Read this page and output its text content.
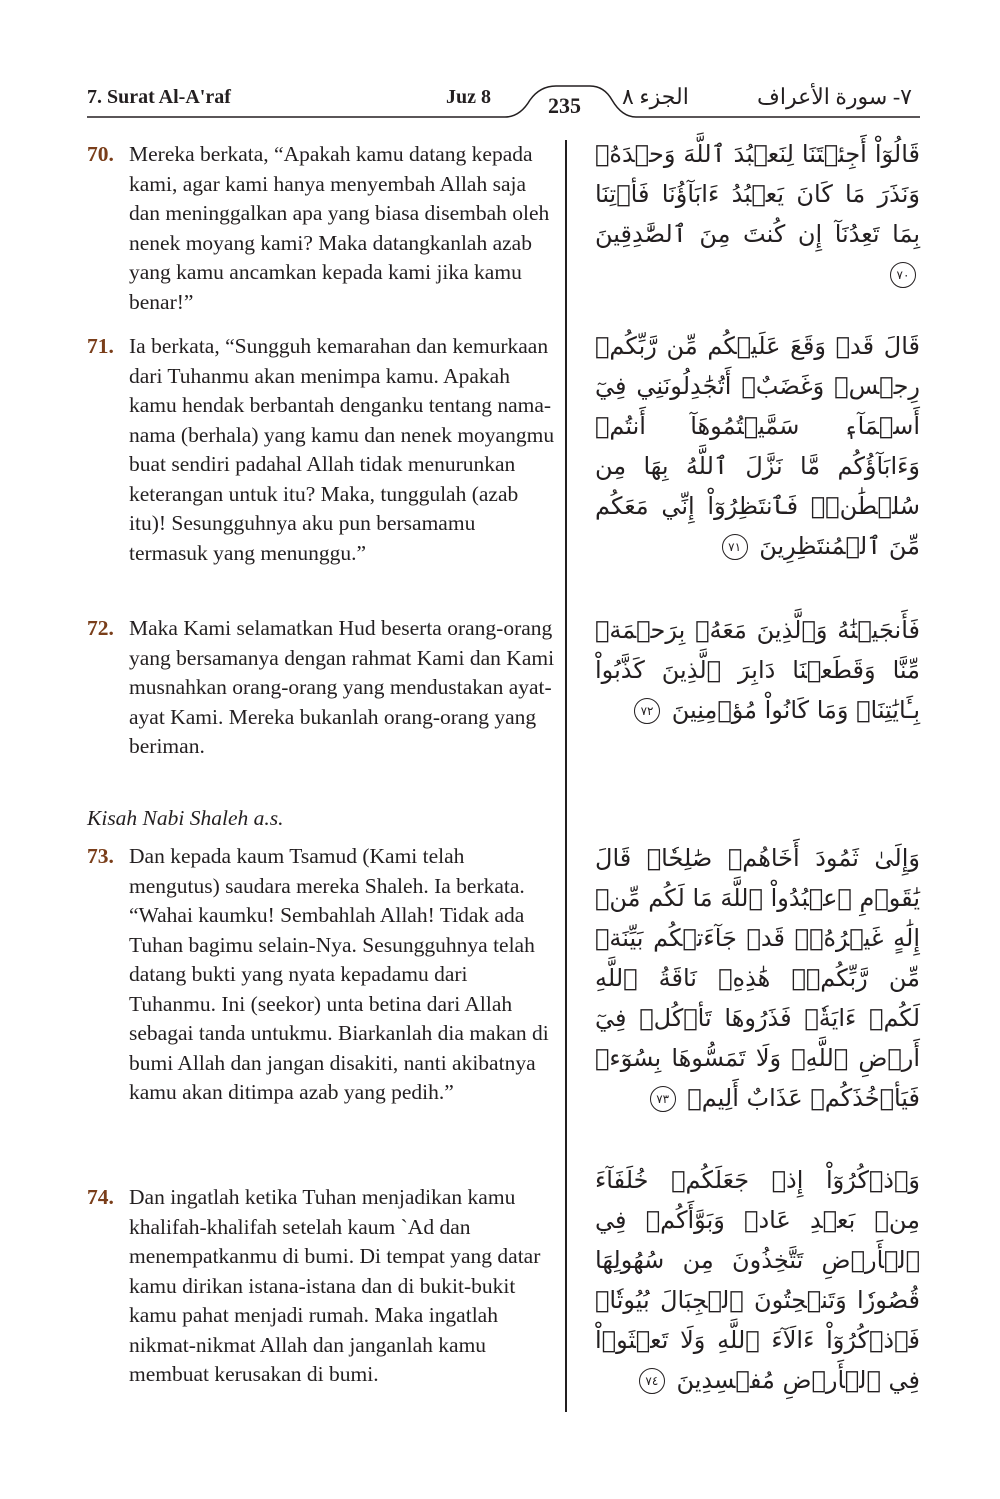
7. Surat Al-A'raf	Juz 8	235 الجزء ٨	٧- سورة الأعراف
70. Mereka berkata, “Apakah kamu datang kepada kami, agar kami hanya menyembah Allah saja dan meninggalkan apa yang biasa disembah oleh nenek moyang kami? Maka datangkanlah azab yang kamu ancamkan kepada kami jika kamu benar!”
قَالُوٓاْ أَجِئۡتَنَا لِنَعۡبُدَ ٱللَّهَ وَحۡدَهُۥ وَنَذَرَ مَا كَانَ يَعۡبُدُ ءَابَآؤُنَا فَأۡتِنَا بِمَا تَعِدُنَآ إِن كُنتَ مِنَ ٱلصَّٰدِقِينَ ٧٠
71. Ia berkata, “Sungguh kemarahan dan kemurkaan dari Tuhanmu akan menimpa kamu. Apakah kamu hendak berbantah denganku tentang nama-nama (berhala) yang kamu dan nenek moyangmu buat sendiri padahal Allah tidak menurunkan keterangan untuk itu? Maka, tunggulah (azab itu)! Sesungguhnya aku pun bersamamu termasuk yang menunggu.”
قَالَ قَدۡ وَقَعَ عَلَيۡكُم مِّن رَّبِّكُمۡ رِجۡسٞ وَغَضَبٌۖ أَتُجَٰدِلُونَنِي فِيٓ أَسۡمَآءٖ سَمَّيۡتُمُوهَآ أَنتُمۡ وَءَابَآؤُكُم مَّا نَزَّلَ ٱللَّهُ بِهَا مِن سُلۡطَٰنٖۚ فَٱنتَظِرُوٓاْ إِنِّي مَعَكُم مِّنَ ٱلۡمُنتَظِرِينَ ٧١
72. Maka Kami selamatkan Hud beserta orang-orang yang bersamanya dengan rahmat Kami dan Kami musnahkan orang-orang yang mendustakan ayat-ayat Kami. Mereka bukanlah orang-orang yang beriman.
فَأَنجَيۡنَٰهُ وَٱلَّذِينَ مَعَهُۥ بِرَحۡمَةٖ مِّنَّا وَقَطَعۡنَا دَابِرَ ٱلَّذِينَ كَذَّبُواْ بِـَٔايَٰتِنَاۖ وَمَا كَانُواْ مُؤۡمِنِينَ ٧٢
Kisah Nabi Shaleh a.s.
73. Dan kepada kaum Tsamud (Kami telah mengutus) saudara mereka Shaleh. Ia berkata. “Wahai kaumku! Sembahlah Allah! Tidak ada Tuhan bagimu selain-Nya. Sesungguhnya telah datang bukti yang nyata kepadamu dari Tuhanmu. Ini (seekor) unta betina dari Allah sebagai tanda untukmu. Biarkanlah dia makan di bumi Allah dan jangan disakiti, nanti akibatnya kamu akan ditimpa azab yang pedih.”
وَإِلَىٰ ثَمُودَ أَخَاهُمۡ صَٰلِحٗاۚ قَالَ يَٰقَوۡمِ ٱعۡبُدُواْ ٱللَّهَ مَا لَكُم مِّنۡ إِلَٰهٍ غَيۡرُهُۥۖ قَدۡ جَآءَتۡكُم بَيِّنَةٞ مِّن رَّبِّكُمۡۖ هَٰذِهِۦ نَاقَةُ ٱللَّهِ لَكُمۡ ءَايَةٗۖ فَذَرُوهَا تَأۡكُلۡ فِيٓ أَرۡضِ ٱللَّهِۖ وَلَا تَمَسُّوهَا بِسُوٓءٖ فَيَأۡخُذَكُمۡ عَذَابٌ أَلِيمٞ ٧٣
74. Dan ingatlah ketika Tuhan menjadikan kamu khalifah-khalifah setelah kaum `Ad dan menempatkanmu di bumi. Di tempat yang datar kamu dirikan istana-istana dan di bukit-bukit kamu pahat menjadi rumah. Maka ingatlah nikmat-nikmat Allah dan janganlah kamu membuat kerusakan di bumi.
وَٱذۡكُرُوٓاْ إِذۡ جَعَلَكُمۡ خُلَفَآءَ مِنۢ بَعۡدِ عَادٖ وَبَوَّأَكُمۡ فِي ٱلۡأَرۡضِ تَتَّخِذُونَ مِن سُهُولِهَا قُصُورٗا وَتَنۡحِتُونَ ٱلۡجِبَالَ بُيُوتٗاۖ فَٱذۡكُرُوٓاْ ءَالَآءَ ٱللَّهِ وَلَا تَعۡثَوۡاْ فِي ٱلۡأَرۡضِ مُفۡسِدِينَ ٧٤
